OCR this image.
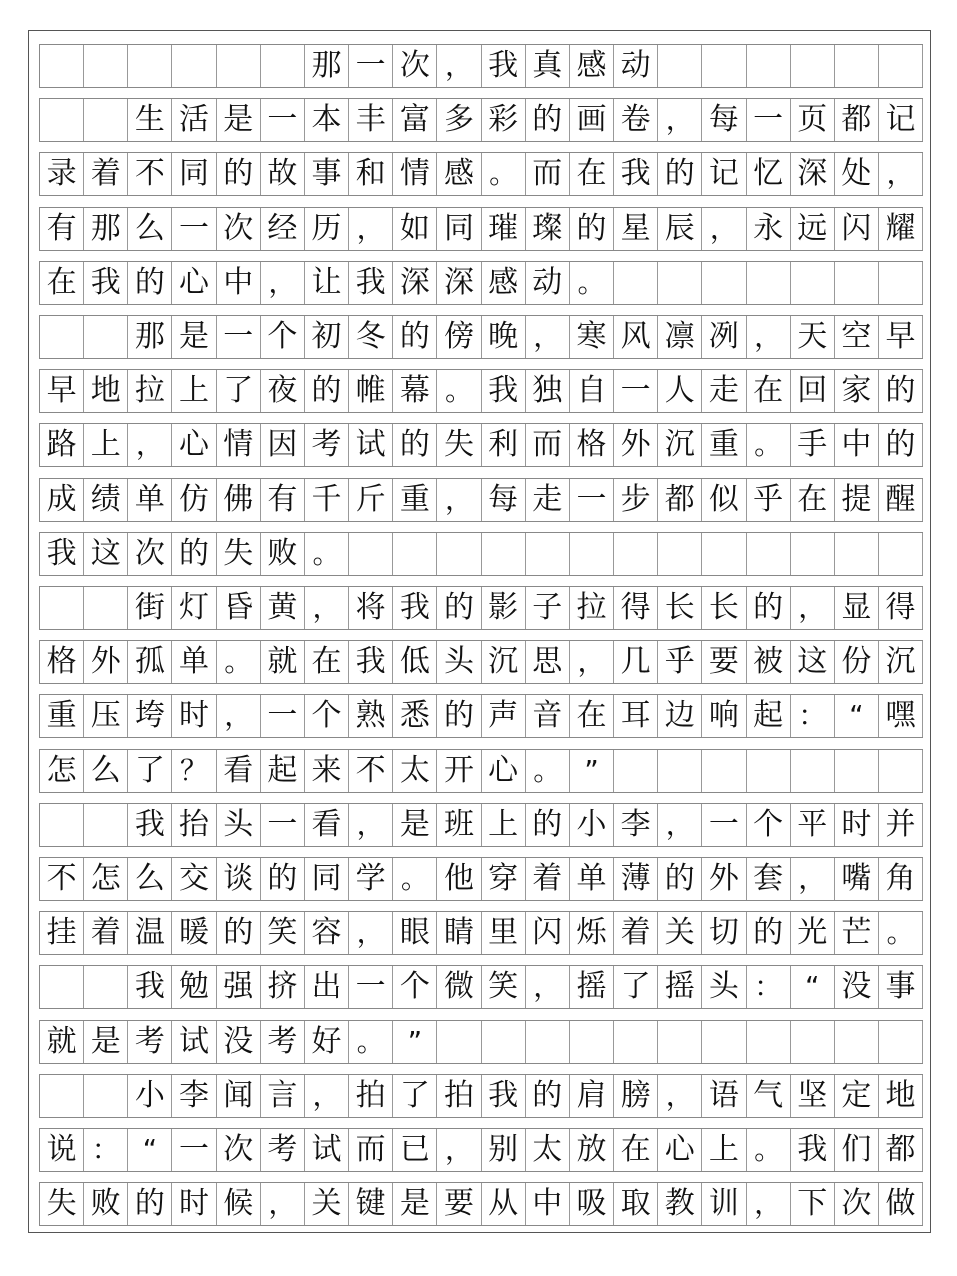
那 一 次 ， 我 真 感 动
生 活 是 一 本 丰 富 多 彩 的 画 卷 ， 每 一 页 都 记
录 着 不 同 的 故 事 和 情 感 。 而 在 我 的 记 忆 深 处 ，
有 那 么 一 次 经 历 ， 如 同 璀 璨 的 星 辰 ， 永 远 闪 耀
在 我 的 心 中 ， 让 我 深 深 感 动 。
那 是 一 个 初 冬 的 傍 晚 ， 寒 风 凛 冽 ， 天 空 早
早 地 拉 上 了 夜 的 帷 幕 。 我 独 自 一 人 走 在 回 家 的
路 上 ， 心 情 因 考 试 的 失 利 而 格 外 沉 重 。 手 中 的
成 绩 单 仿 佛 有 千 斤 重 ， 每 走 一 步 都 似 乎 在 提 醒
我 这 次 的 失 败 。
街 灯 昏 黄 ， 将 我 的 影 子 拉 得 长 长 的 ， 显 得
格 外 孤 单 。 就 在 我 低 头 沉 思 ， 几 乎 要 被 这 份 沉
重 压 垮 时 ， 一 个 熟 悉 的 声 音 在 耳 边 响 起 ： “ 嘿
怎 么 了 ？ 看 起 来 不 太 开 心 。 ”
我 抬 头 一 看 ， 是 班 上 的 小 李 ， 一 个 平 时 并
不 怎 么 交 谈 的 同 学 。 他 穿 着 单 薄 的 外 套 ， 嘴 角
挂 着 温 暖 的 笑 容 ， 眼 睛 里 闪 烁 着 关 切 的 光 芒 。
我 勉 强 挤 出 一 个 微 笑 ， 摇 了 摇 头 ： “ 没 事
就 是 考 试 没 考 好 。 ”
小 李 闻 言 ， 拍 了 拍 我 的 肩 膀 ， 语 气 坚 定 地
说 ： “ 一 次 考 试 而 已 ， 别 太 放 在 心 上 。 我 们 都
失 败 的 时 候 ， 关 键 是 要 从 中 吸 取 教 训 ， 下 次 做
